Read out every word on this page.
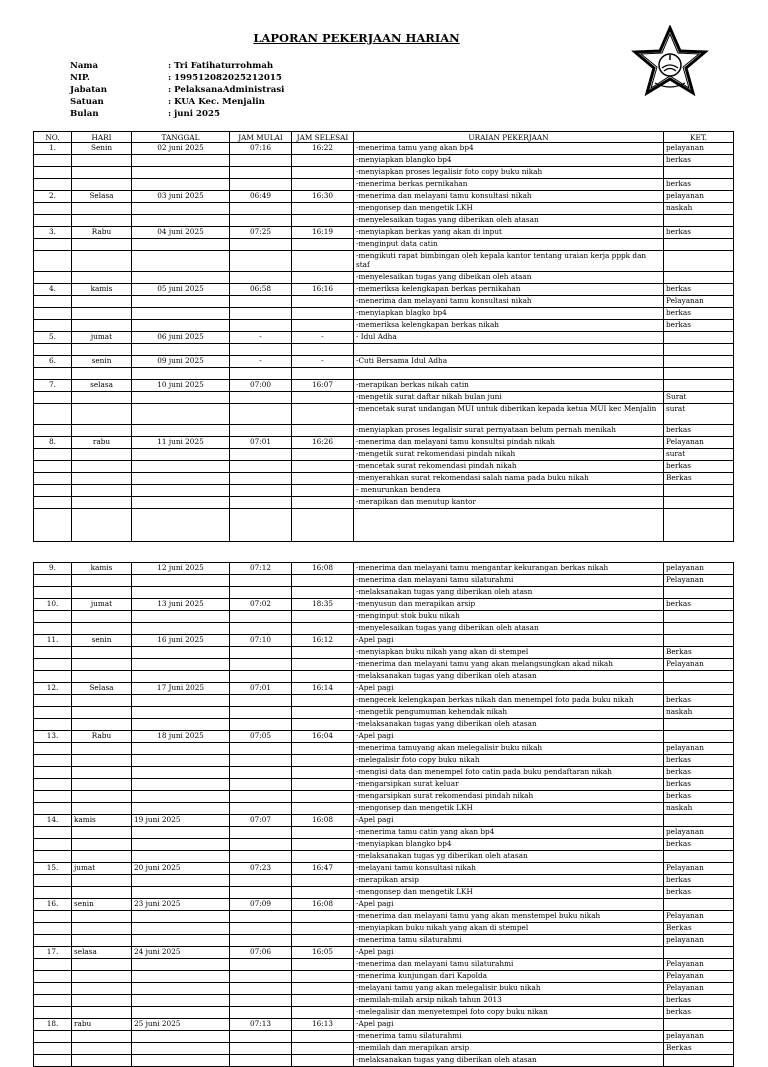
LAPORAN PEKERJAAN HARIAN
Nama	: Tri Fatihaturrohmah
NIP.	: 199512082025212015
Jabatan	: PelaksanaAdministrasi
Satuan	: KUA Kec. Menjalin
Bulan	: juni 2025
NO.	HARI	TANGGAL	JAM MULAI	JAM SELESAI	URAIAN PEKERJAAN	KET.
1.	Senin	02 juni 2025	07:16	16:22	-menerima tamu yang akan bp4	pelayanan
					-menyiapkan blangko bp4	berkas
					-menyiapkan proses legalisir foto copy buku nikah	
					-menerima berkas pernikahan	berkas
2.	Selasa	03 juni 2025	06:49	16:30	-menerima dan melayani tamu konsultasi nikah	pelayanan
					-mengonsep dan mengetik LKH	naskah
					-menyelesaikan tugas yang diberikan oleh atasan	
3.	Rabu	04 juni 2025	07:25	16:19	-menyiapkan berkas yang akan di input	berkas
					-menginput data catin	
					-mengikuti rapat bimbingan oleh kepala kantor tentang uraian kerja pppk dan staf	
					-menyelesaikan tugas yang dibeikan oleh ataan	
4.	kamis	05 juni 2025	06:58	16:16	-memeriksa kelengkapan berkas pernikahan	berkas
					-menerima dan melayani tamu konsultasi nikah	Pelayanan
					-menyiapkan blagko bp4	berkas
					-memeriksa kelengkapan berkas nikah	berkas
5.	jumat	06 juni 2025	-	-	- Idul Adha	

6.	senin	09 juni 2025	-	-	-Cuti Bersama Idul Adha	

7.	selasa	10 juni 2025	07:00	16:07	-merapikan berkas nikah catin	
					-mengetik surat daftar nikah bulan juni	Surat
					-mencetak surat undangan MUI untuk diberikan kepada ketua MUI kec Menjalin	surat
					-menyiapkan proses legalisir surat pernyataan belum pernah menikah	berkas
8.	rabu	11 juni 2025	07:01	16:26	-menerima dan melayani tamu konsultsi pindah nikah	Pelayanan
					-mengetik surat rekomendasi pindah nikah	surat
					-mencetak surat rekomendasi pindah nikah	berkas
					-menyerahkan surat rekomendasi salah nama pada buku nikah	Berkas
					- menurunkan bendera	
					-merapikan dan menutup kantor	

9.	kamis	12 juni 2025	07:12	16:08	-menerima dan melayani tamu mengantar kekurangan berkas nikah	pelayanan
					-menerima dan melayani tamu silaturahmi	Pelayanan
					-melaksanakan tugas yang diberikan oleh atasn	
10.	jumat	13 juni 2025	07:02	18:35	-menyusun dan merapikan arsip	berkas
					-menginput stok buku nikah	
					-menyelesaikan tugas yang diberikan oleh atasan	
11.	senin	16 juni 2025	07:10	16:12	-Apel pagi	
					-menyiapkan buku nikah yang akan di stempel	Berkas
					-menerima dan melayani tamu yang akan melangsungkan akad nikah	Pelayanan
					-melaksanakan tugas yang diberikan oleh atasan	
12.	Selasa	17 Juni 2025	07:01	16:14	-Apel pagi	
					-mengecek kelengkapan berkas nikah dan menempel foto pada buku nikah	berkas
					-mengetik pengumuman kehendak nikah	naskah
					-melaksanakan tugas yang diberikan oleh atasan	
13.	Rabu	18 juni 2025	07:05	16:04	-Apel pagi	
					-menerima tamuyang akan melegalisir buku nikah	pelayanan
					-melegalisir foto copy buku nikah	berkas
					-mengisi data dan menempel foto catin pada buku pendaftaran nikah	berkas
					-mengarsipkan surat keluar	berkas
					-mengarsipkan surat rekomendasi pindah nikah	berkas
					-mengonsep dan mengetik LKH	naskah
14.	kamis	19 juni 2025	07:07	16:08	-Apel pagi	
					-menerima tamu catin yang akan bp4	pelayanan
					-menyiapkan blangko bp4	berkas
					-melaksanakan tugas yg diberikan oleh atasan	
15.	jumat	20 juni 2025	07:23	16:47	-melayani tamu konsultasi nikah	Pelayanan
					-merapikan arsip	berkas
					-mengonsep dan mengetik LKH	berkas
16.	senin	23 juni 2025	07:09	16:08	-Apel pagi	
					-menerima dan melayani tamu yang akan menstempel buku nikah	Pelayanan
					-menyiapkan buku nikah yang akan di stempel	Berkas
					-menerima tamu silaturahmi	pelayanan
17.	selasa	24 juni 2025	07:06	16:05	-Apel pagi	
					-menerima dan melayani tamu silaturahmi	Pelayanan
					-menerima kunjungan dari Kapolda	Pelayanan
					-melayani tamu yang akan melegalisir buku nikah	Pelayanan
					-memilah-milah arsip nikah tahun 2013	berkas
					-melegalisir dan menyetempel foto copy buku nikan	berkas
18.	rabu	25 juni 2025	07:13	16:13	-Apel pagi	
					-menerima tamu silaturahmi	pelayanan
					-memilah dan merapikan arsip	Berkas
					-melaksanakan tugas yang diberikan oleh atasan	
